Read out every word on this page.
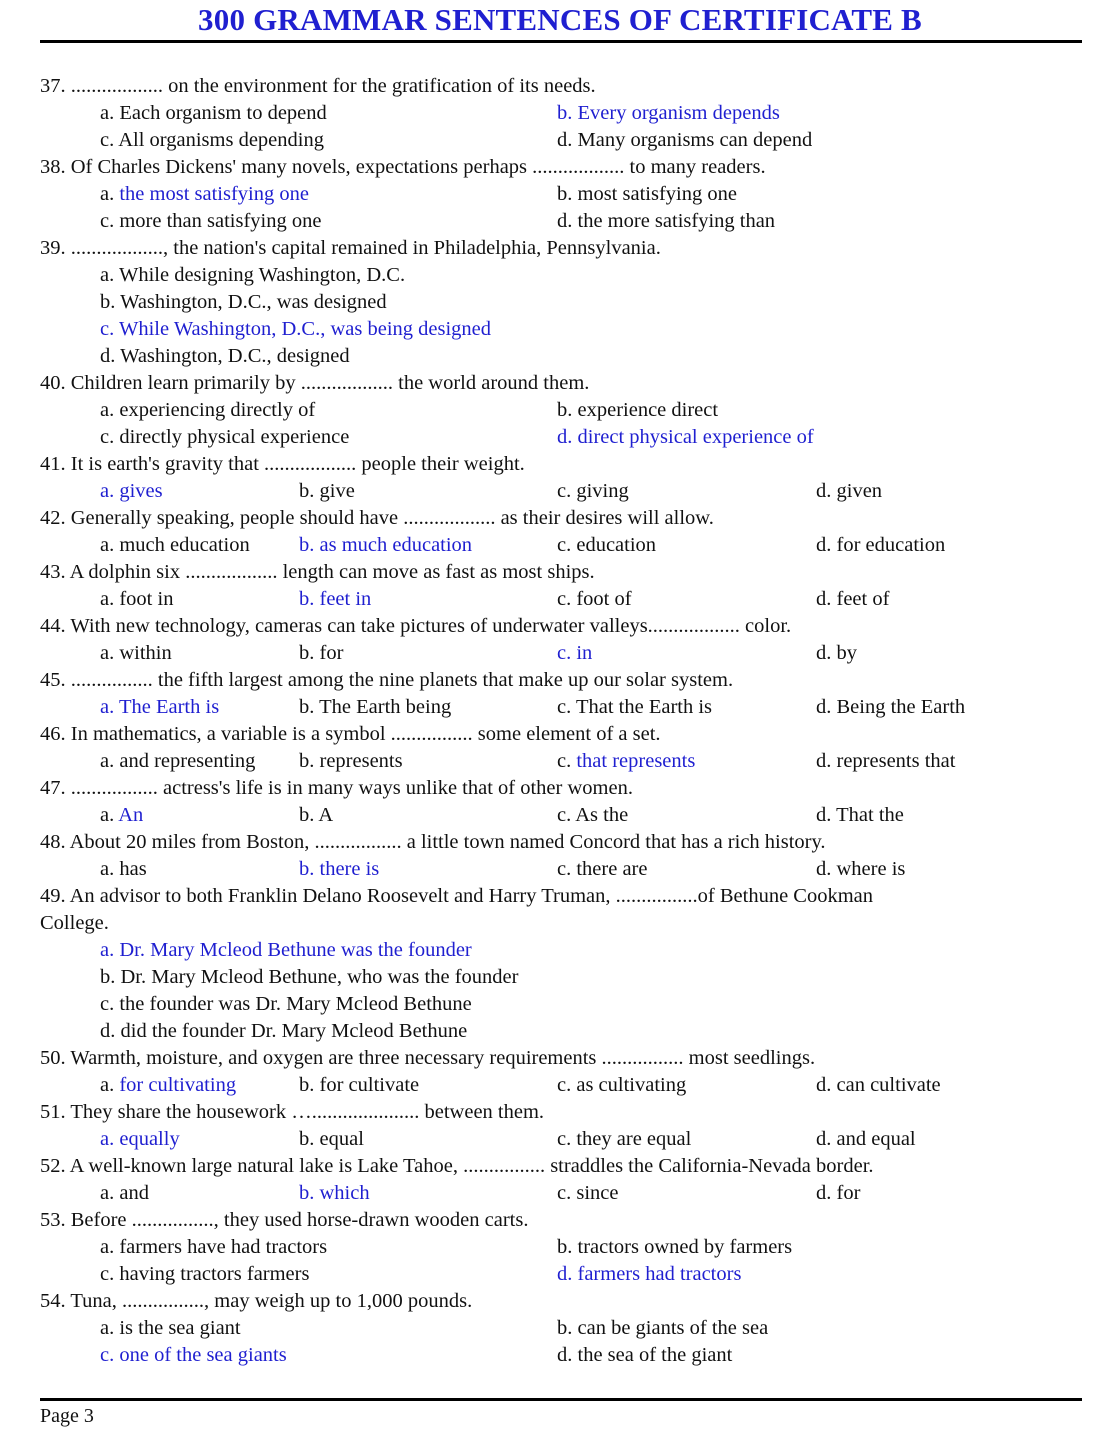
300 GRAMMAR SENTENCES OF CERTIFICATE B
37. .................. on the environment for the gratification of its needs.
a. Each organism to depend	b. Every organism depends
c. All organisms depending	d. Many organisms can depend
38. Of Charles Dickens' many novels, expectations perhaps .................. to many readers.
a. the most satisfying one	b. most satisfying one
c. more than satisfying one	d. the more satisfying than
39. .................., the nation's capital remained in Philadelphia, Pennsylvania.
a. While designing Washington, D.C.
b. Washington, D.C., was designed
c. While Washington, D.C., was being designed
d. Washington, D.C., designed
40. Children learn primarily by .................. the world around them.
a. experiencing directly of	b. experience direct
c. directly physical experience	d. direct physical experience of
41. It is earth's gravity that .................. people their weight.
a. gives	b. give	c. giving	d. given
42. Generally speaking, people should have .................. as their desires will allow.
a. much education b. as much education	c. education	d. for education
43. A dolphin six .................. length can move as fast as most ships.
a. foot in	b. feet in	c. foot of	d. feet of
44. With new technology, cameras can take pictures of underwater valleys.................. color.
a. within	b. for	c. in	d. by
45. ................ the fifth largest among the nine planets that make up our solar system.
a. The Earth is	b. The Earth being	c. That the Earth is	d. Being the Earth
46. In mathematics, a variable is a symbol ................ some element of a set.
a. and representing b. represents	c. that represents	d. represents that
47. ................. actress's life is in many ways unlike that of other women.
a. An	b. A	c. As the	d. That the
48. About 20 miles from Boston, ................. a little town named Concord that has a rich history.
a. has	b. there is	c. there are	d. where is
49. An advisor to both Franklin Delano Roosevelt and Harry Truman, ................of Bethune Cookman
College.
a. Dr. Mary Mcleod Bethune was the founder
b. Dr. Mary Mcleod Bethune, who was the founder
c. the founder was Dr. Mary Mcleod Bethune
d. did the founder Dr. Mary Mcleod Bethune
50. Warmth, moisture, and oxygen are three necessary requirements ................ most seedlings.
a. for cultivating	b. for cultivate	c. as cultivating	d. can cultivate
51. They share the housework …..................... between them.
a. equally	b. equal	c. they are equal	d. and equal
52. A well-known large natural lake is Lake Tahoe, ................ straddles the California-Nevada border.
a. and	b. which	c. since	d. for
53. Before ................, they used horse-drawn wooden carts.
a. farmers have had tractors	b. tractors owned by farmers
c. having tractors farmers	d. farmers had tractors
54. Tuna, ................, may weigh up to 1,000 pounds.
a. is the sea giant	b. can be giants of the sea
c. one of the sea giants	d. the sea of the giant
Page 3
